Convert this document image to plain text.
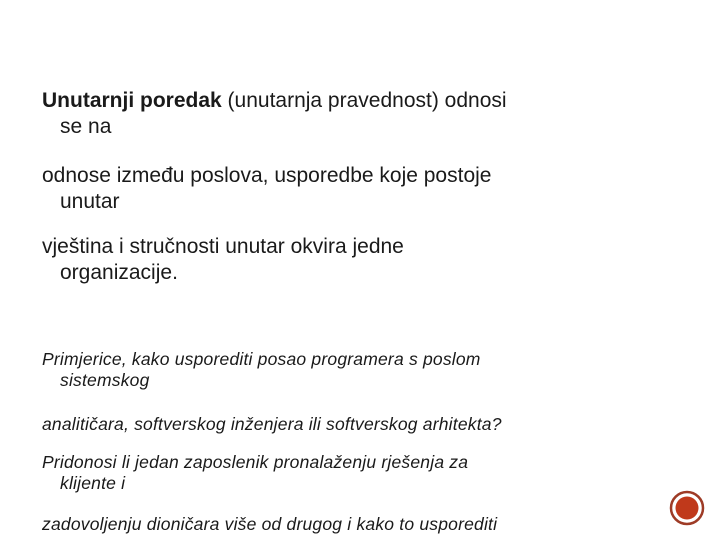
Unutarnji poredak (unutarnja pravednost) odnosi
se na

odnose između poslova, usporedbe koje postoje
unutar

vještina i stručnosti unutar okvira jedne
organizacije.

Primjerice, kako usporediti posao programera s poslom
sistemskog

analitičara, softverskog inženjera ili softverskog arhitekta?

Pridonosi li jedan zaposlenik pronalaženju rješenja za
klijente i

zadovoljenju dioničara više od drugog i kako to usporediti
